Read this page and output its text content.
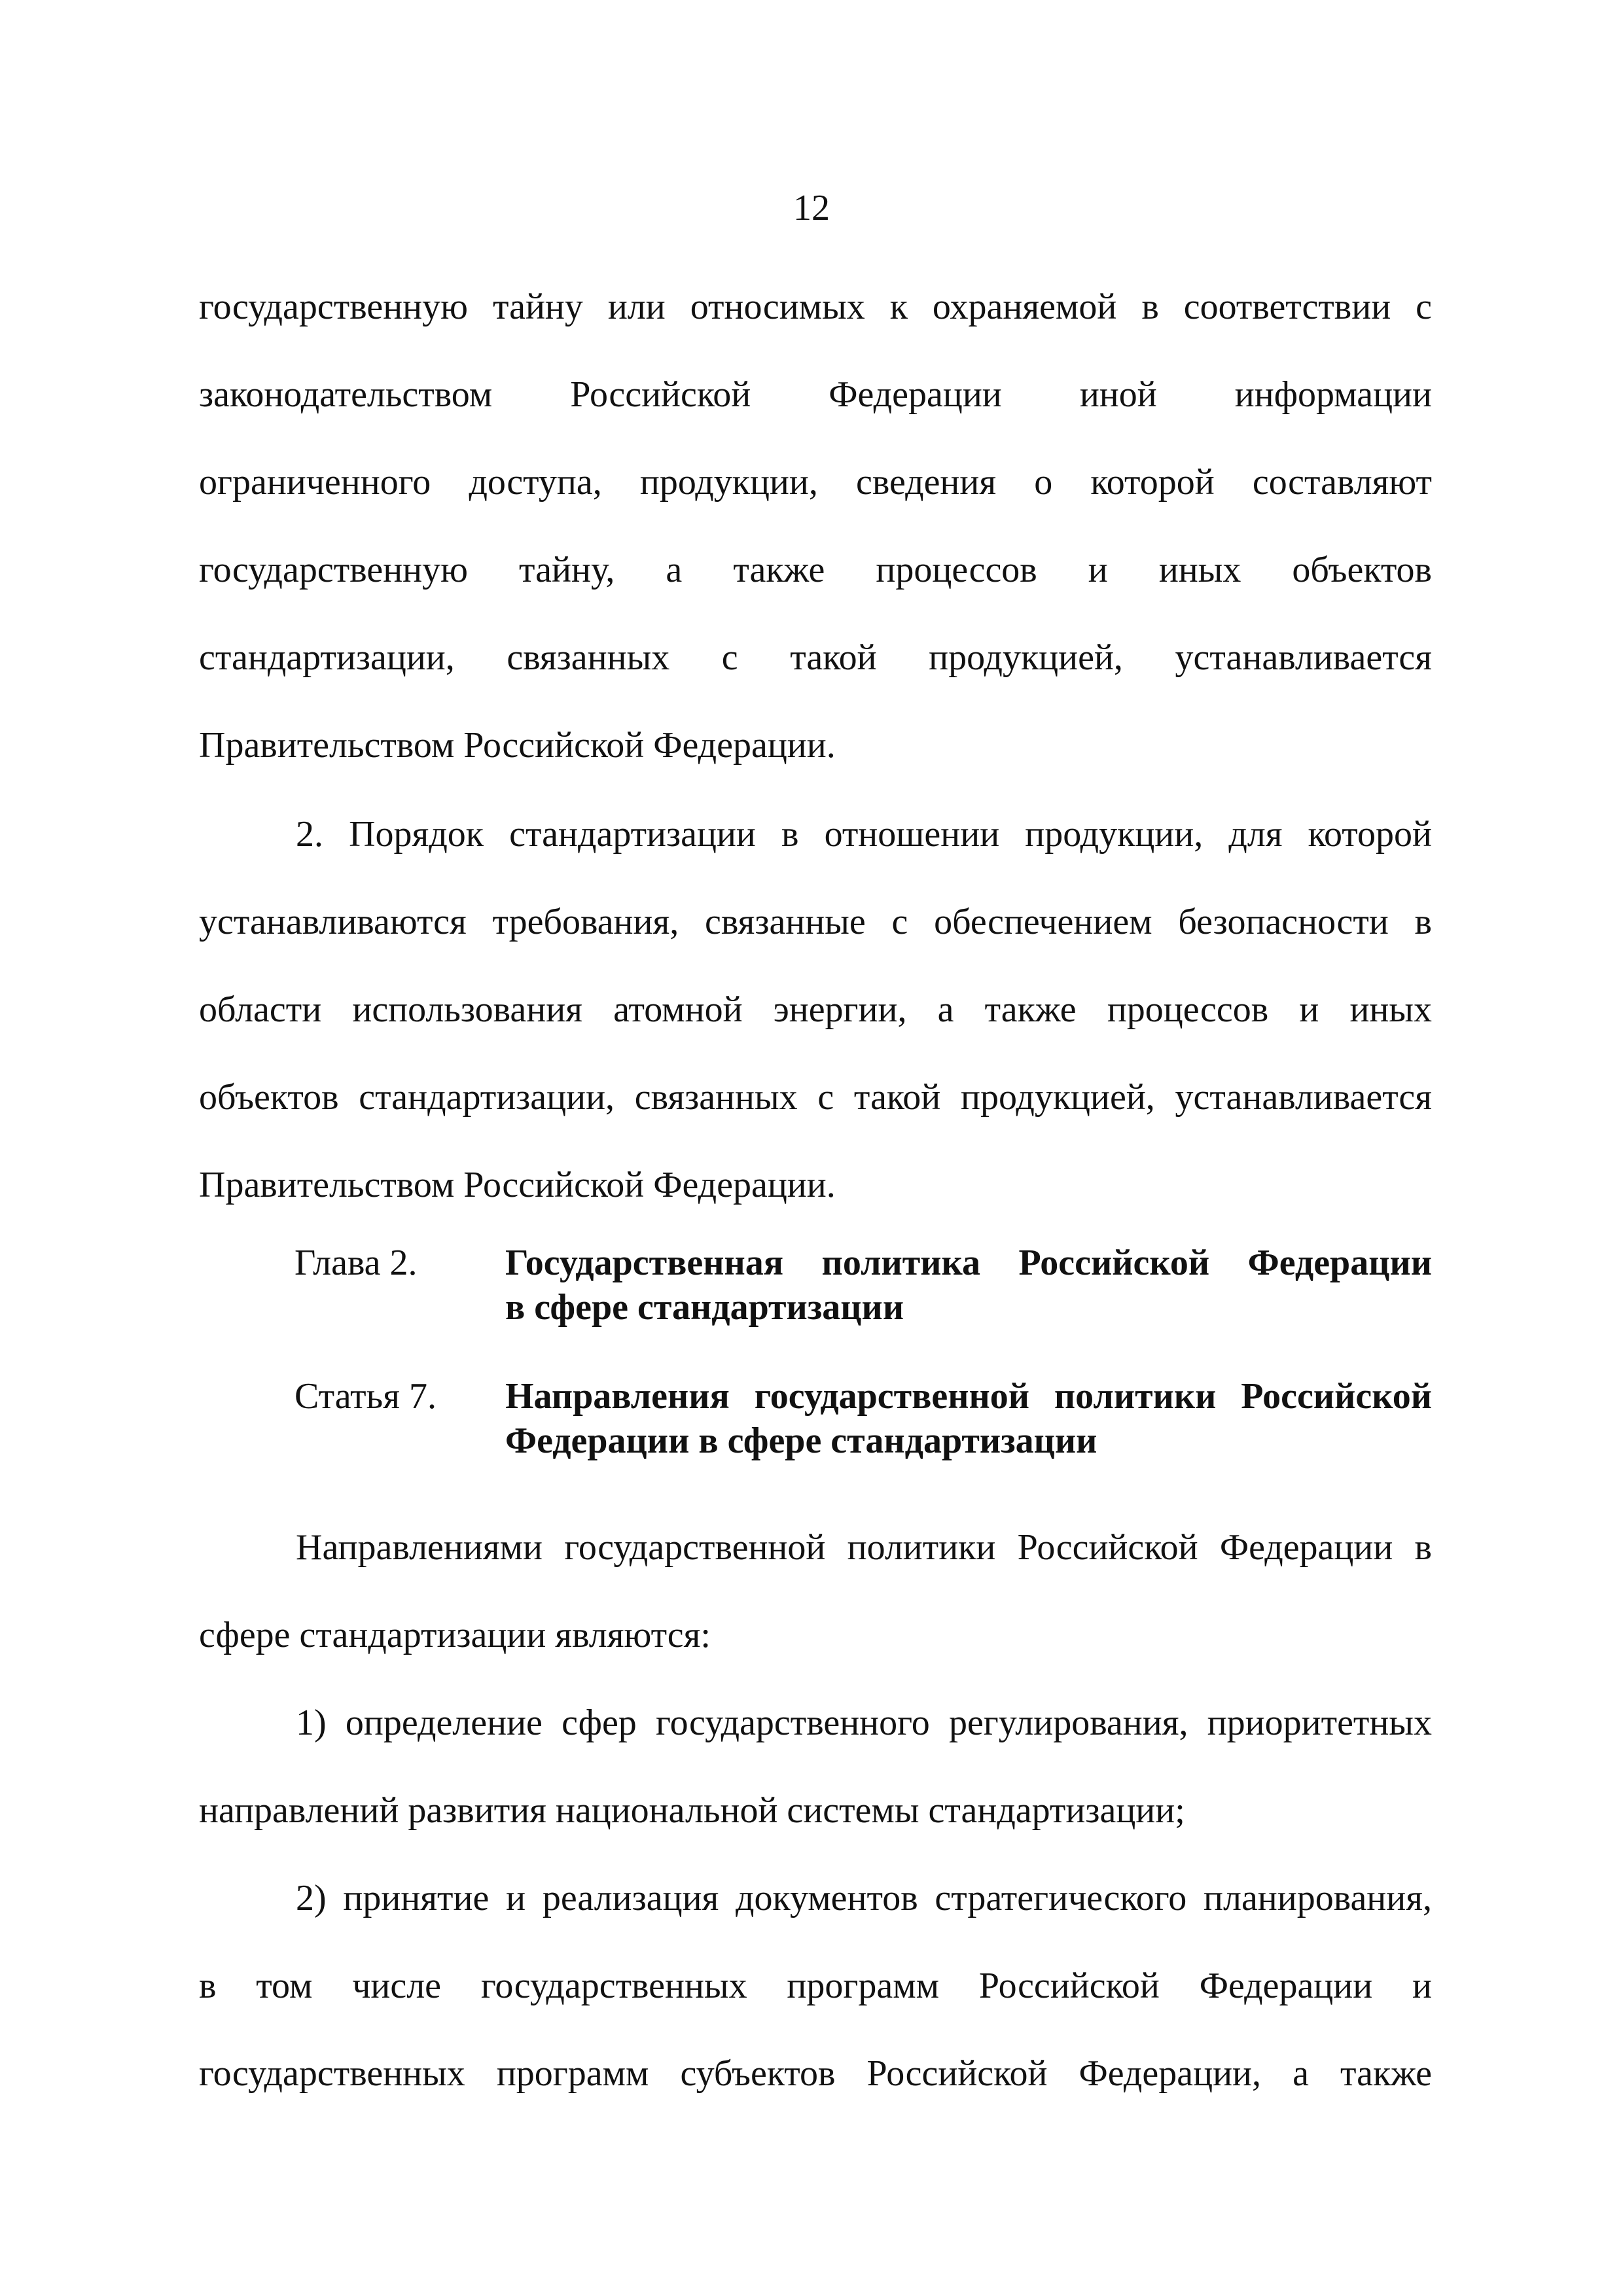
12
государственную тайну или относимых к охраняемой в соответствии с
законодательством Российской Федерации иной информации
ограниченного доступа, продукции, сведения о которой составляют
государственную тайну, а также процессов и иных объектов
стандартизации, связанных с такой продукцией, устанавливается
Правительством Российской Федерации.
2. Порядок стандартизации в отношении продукции, для которой
устанавливаются требования, связанные с обеспечением безопасности в
области использования атомной энергии, а также процессов и иных
объектов стандартизации, связанных с такой продукцией, устанавливается
Правительством Российской Федерации.
Глава 2.	Государственная политика Российской Федерации
в сфере стандартизации
Статья 7.	Направления государственной политики Российской
Федерации в сфере стандартизации
Направлениями государственной политики Российской Федерации в
сфере стандартизации являются:
1) определение сфер государственного регулирования, приоритетных
направлений развития национальной системы стандартизации;
2) принятие и реализация документов стратегического планирования,
в том числе государственных программ Российской Федерации и
государственных программ субъектов Российской Федерации, а также
